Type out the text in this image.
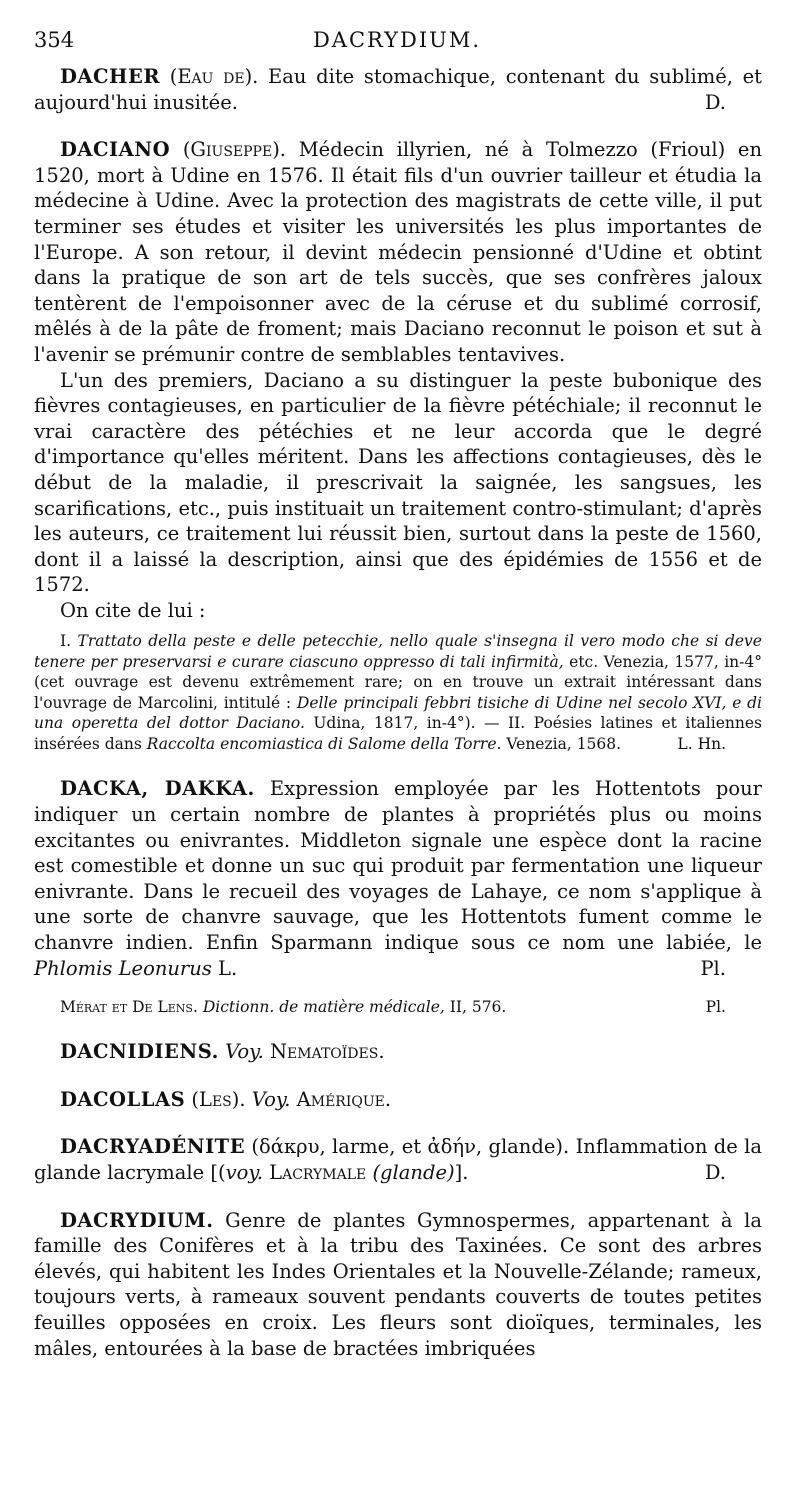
354	DACRYDIUM.

DACHER (Eau de). Eau dite stomachique, contenant du sublimé, et aujourd'hui inusitée.	D.

DACIANO (Giuseppe). Médecin illyrien, né à Tolmezzo (Frioul) en 1520, mort à Udine en 1576. Il était fils d'un ouvrier tailleur et étudia la médecine à Udine. Avec la protection des magistrats de cette ville, il put terminer ses études et visiter les universités les plus importantes de l'Europe. A son retour, il devint médecin pensionné d'Udine et obtint dans la pratique de son art de tels succès, que ses confrères jaloux tentèrent de l'empoisonner avec de la céruse et du sublimé corrosif, mêlés à de la pâte de froment; mais Daciano reconnut le poison et sut à l'avenir se prémunir contre de semblables tentavives.

L'un des premiers, Daciano a su distinguer la peste bubonique des fièvres contagieuses, en particulier de la fièvre pétéchiale; il reconnut le vrai caractère des pétéchies et ne leur accorda que le degré d'importance qu'elles méritent. Dans les affections contagieuses, dès le début de la maladie, il prescrivait la saignée, les sangsues, les scarifications, etc., puis instituait un traitement contro-stimulant; d'après les auteurs, ce traitement lui réussit bien, surtout dans la peste de 1560, dont il a laissé la description, ainsi que des épidémies de 1556 et de 1572.

On cite de lui :

I. Trattato della peste e delle petecchie, nello quale s'insegna il vero modo che si deve tenere per preservarsi e curare ciascuno oppresso di tali infirmità, etc. Venezia, 1577, in-4° (cet ouvrage est devenu extrêmement rare; on en trouve un extrait intéressant dans l'ouvrage de Marcolini, intitulé : Delle principali febbri tisiche di Udine nel secolo XVI, e di una operetta del dottor Daciano. Udina, 1817, in-4°). — II. Poésies latines et italiennes insérées dans Raccolta encomiastica di Salome della Torre. Venezia, 1568.	L. Hn.

DACKA, DAKKA. Expression employée par les Hottentots pour indiquer un certain nombre de plantes à propriétés plus ou moins excitantes ou enivrantes. Middleton signale une espèce dont la racine est comestible et donne un suc qui produit par fermentation une liqueur enivrante. Dans le recueil des voyages de Lahaye, ce nom s'applique à une sorte de chanvre sauvage, que les Hottentots fument comme le chanvre indien. Enfin Sparmann indique sous ce nom une labiée, le Phlomis Leonurus L.	Pl.

Mérat et De Lens. Dictionn. de matière médicale, II, 576.	Pl.

DACNIDIENS. Voy. Nematoïdes.

DACOLLAS (Les). Voy. Amérique.

DACRYADÉNITE (δάκρυ, larme, et ἀδήν, glande). Inflammation de la glande lacrymale [(voy. Lacrymale (glande)].	D.

DACRYDIUM. Genre de plantes Gymnospermes, appartenant à la famille des Conifères et à la tribu des Taxinées. Ce sont des arbres élevés, qui habitent les Indes Orientales et la Nouvelle-Zélande; rameux, toujours verts, à rameaux souvent pendants couverts de toutes petites feuilles opposées en croix. Les fleurs sont dioïques, terminales, les mâles, entourées à la base de bractées imbriquées
